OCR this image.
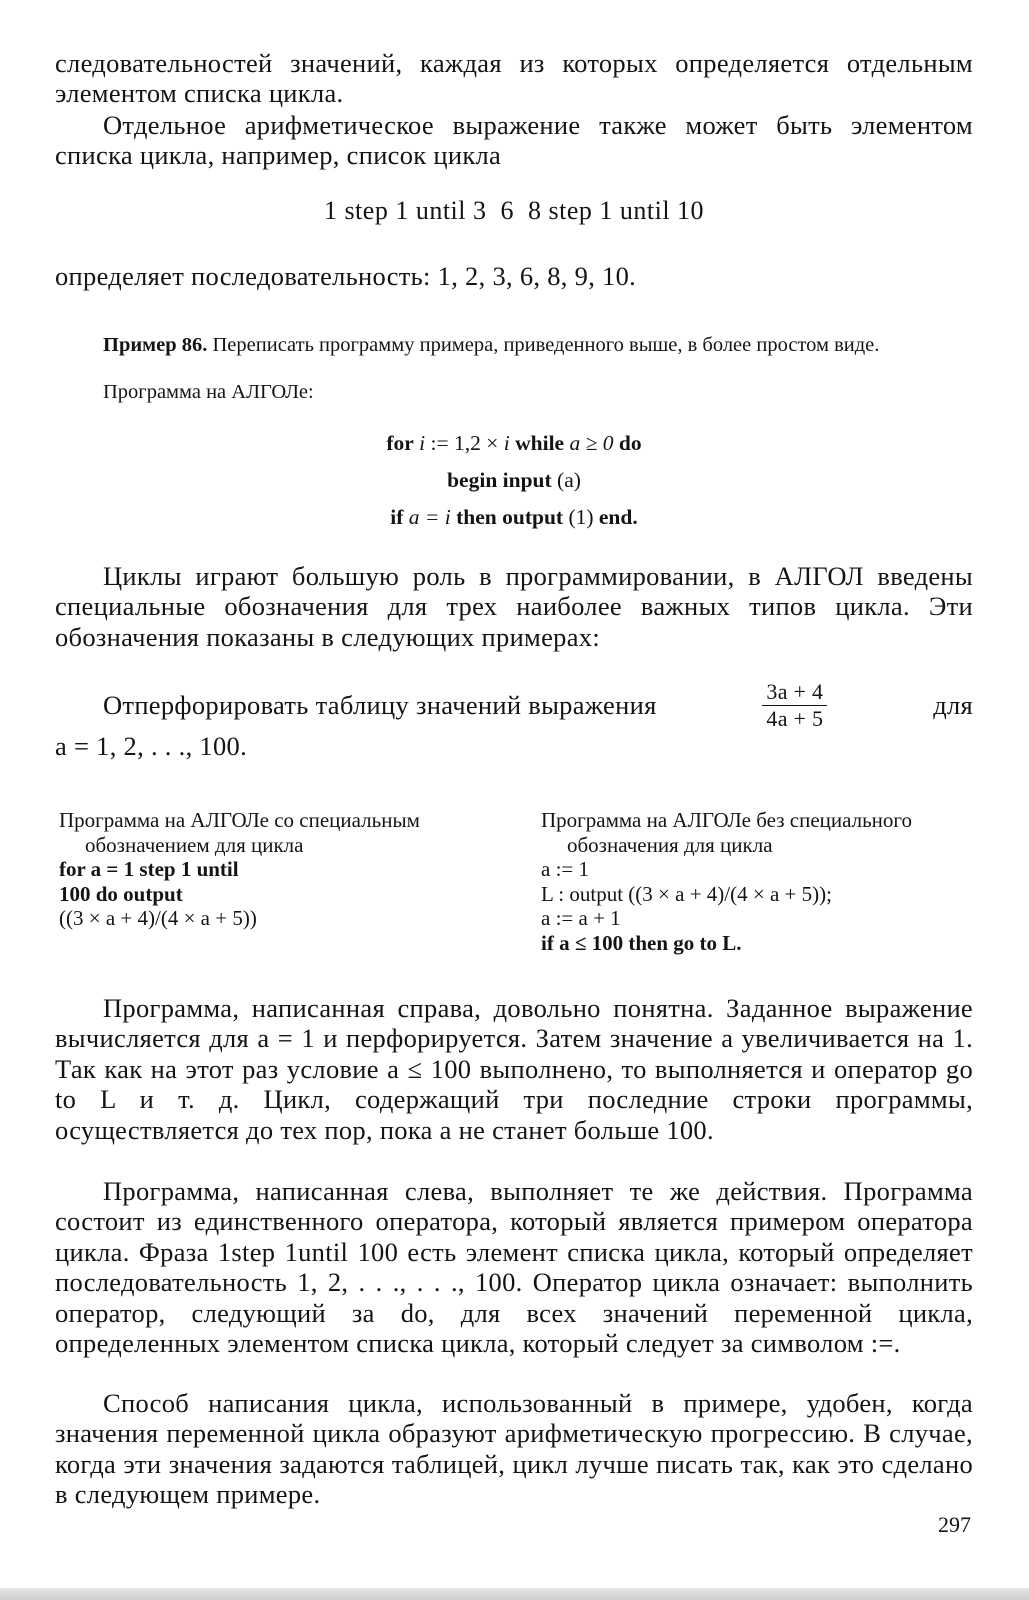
следовательностей значений, каждая из которых определяется отдельным элементом списка цикла.

Отдельное арифметическое выражение также может быть элементом списка цикла, например, список цикла

1 step 1 until 3  6  8 step 1 until 10

определяет последовательность: 1, 2, 3, 6, 8, 9, 10.

Пример 86. Переписать программу примера, приведенного выше, в более простом виде.

Программа на АЛГОЛе:

for i := 1,2 × i while a ≥ 0 do
begin input (a)
if a = i then output (1) end.

Циклы играют большую роль в программировании, в АЛГОЛ введены специальные обозначения для трех наиболее важных типов цикла. Эти обозначения показаны в следующих примерах:

Отперфорировать таблицу значений выражения	$\frac{3a + 4}{4a + 5}$	для
a = 1, 2, . . ., 100.
Программа на АЛГОЛе со специальным обозначением для цикла
for a = 1 step 1 until
100 do output
((3 × a + 4)/(4 × a + 5))
Программа на АЛГОЛе без специального обозначения для цикла
a := 1
L : output ((3 × a + 4)/(4 × a + 5));
a := a + 1
if a ≤ 100 then go to L.

Программа, написанная справа, довольно понятна. Заданное выражение вычисляется для a = 1 и перфорируется. Затем значение a увеличивается на 1. Так как на этот раз условие a ≤ 100 выполнено, то выполняется и оператор go to L и т. д. Цикл, содержащий три последние строки программы, осуществляется до тех пор, пока a не станет больше 100.

Программа, написанная слева, выполняет те же действия. Программа состоит из единственного оператора, который является примером оператора цикла. Фраза 1step 1until 100 есть элемент списка цикла, который определяет последовательность 1, 2, . . ., . . ., 100. Оператор цикла означает: выполнить оператор, следующий за do, для всех значений переменной цикла, определенных элементом списка цикла, который следует за символом :=.

Способ написания цикла, использованный в примере, удобен, когда значения переменной цикла образуют арифметическую прогрессию. В случае, когда эти значения задаются таблицей, цикл лучше писать так, как это сделано в следующем примере.

297
